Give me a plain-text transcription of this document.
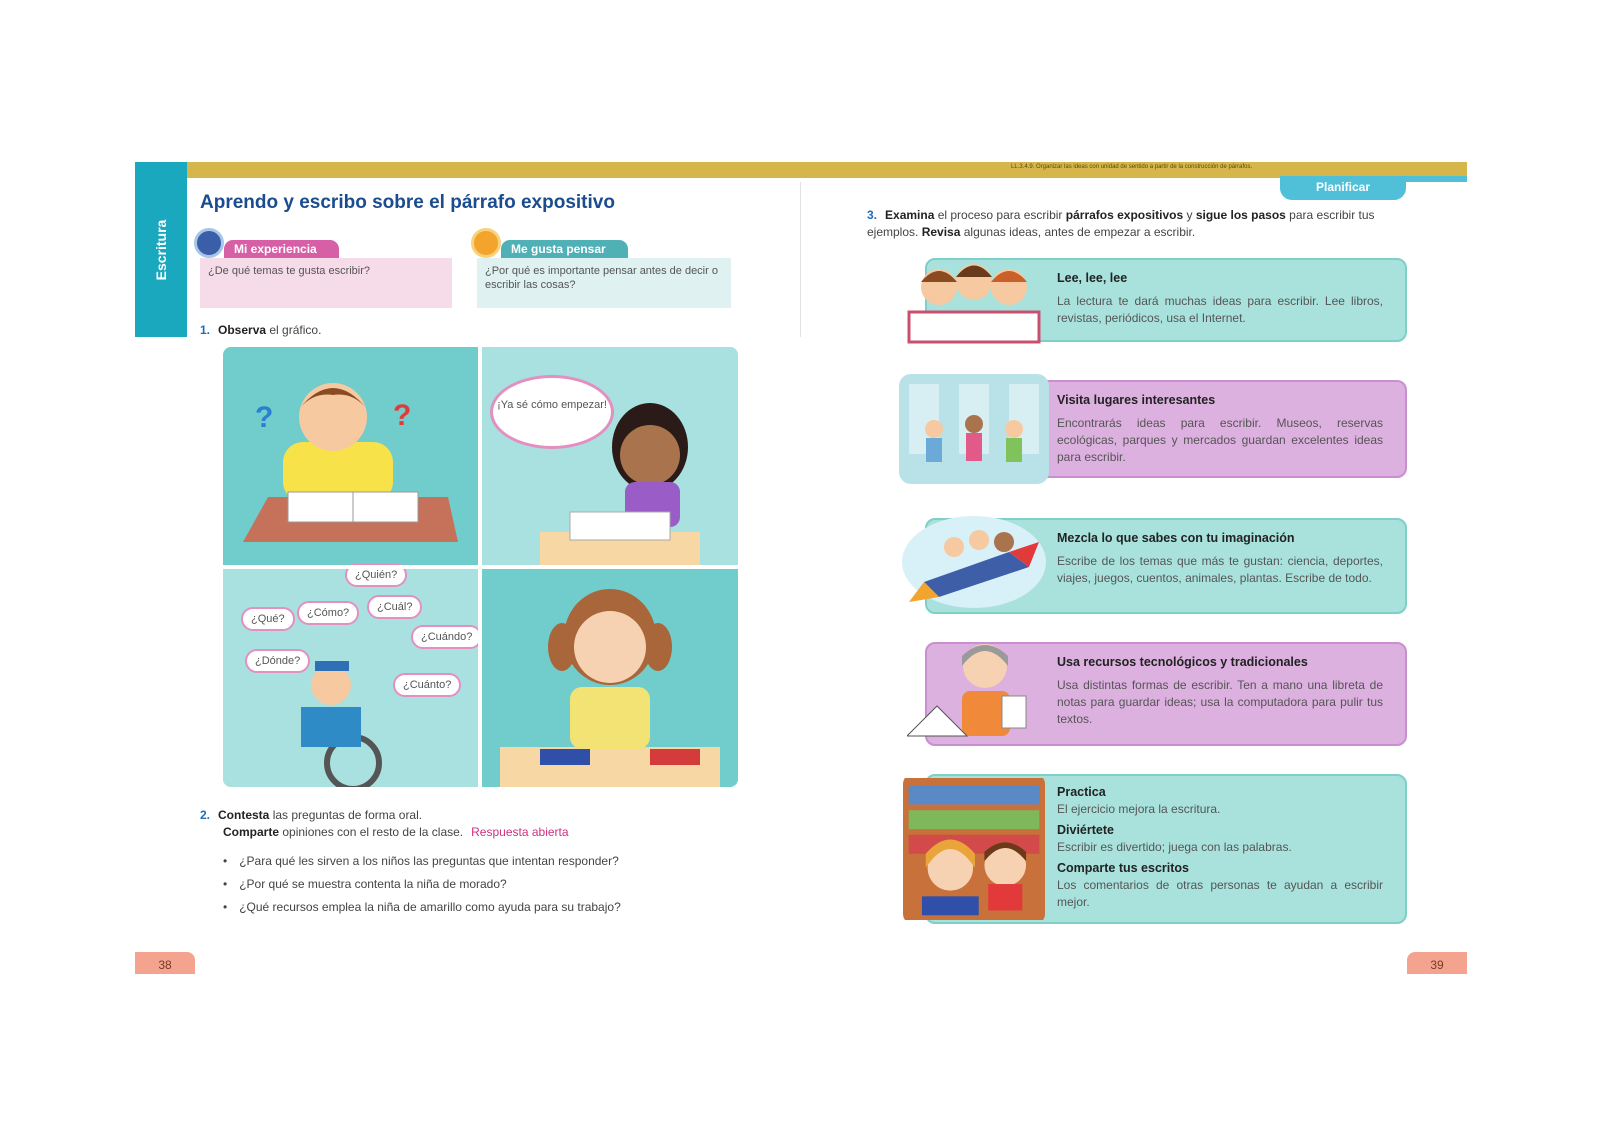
LL.3.4.9. Organizar las ideas con unidad de sentido a partir de la construcción de párrafos.
Escritura
Aprendo y escribo sobre el párrafo expositivo
Mi experiencia
¿De qué temas te gusta escribir?
Me gusta pensar
¿Por qué es importante pensar antes de decir o escribir las cosas?
1. Observa el gráfico.
?	?	¡Ya sé cómo empezar!
¿Quién?
¿Qué?	¿Cómo?	¿Cuál?
¿Cuándo?
¿Dónde?
¿Cuánto?
2. Contesta las preguntas de forma oral.
Comparte opiniones con el resto de la clase. Respuesta abierta
• ¿Para qué les sirven a los niños las preguntas que intentan responder?
• ¿Por qué se muestra contenta la niña de morado?
• ¿Qué recursos emplea la niña de amarillo como ayuda para su trabajo?
38
Planificar
3. Examina el proceso para escribir párrafos expositivos y sigue los pasos para escribir tus ejemplos. Revisa algunas ideas, antes de empezar a escribir.
Lee, lee, lee

La lectura te dará muchas ideas para escribir. Lee libros, revistas, periódicos, usa el Internet.

Visita lugares interesantes

Encontrarás ideas para escribir. Museos, reservas ecológicas, parques y mercados guardan excelentes ideas para escribir.

Mezcla lo que sabes con tu imaginación

Escribe de los temas que más te gustan: ciencia, deportes, viajes, juegos, cuentos, animales, plantas. Escribe de todo.

Usa recursos tecnológicos y tradicionales

Usa distintas formas de escribir. Ten a mano una libreta de notas para guardar ideas; usa la computadora para pulir tus textos.

Practica

El ejercicio mejora la escritura.

Diviértete

Escribir es divertido; juega con las palabras.

Comparte tus escritos

Los comentarios de otras personas te ayudan a escribir mejor.

39
